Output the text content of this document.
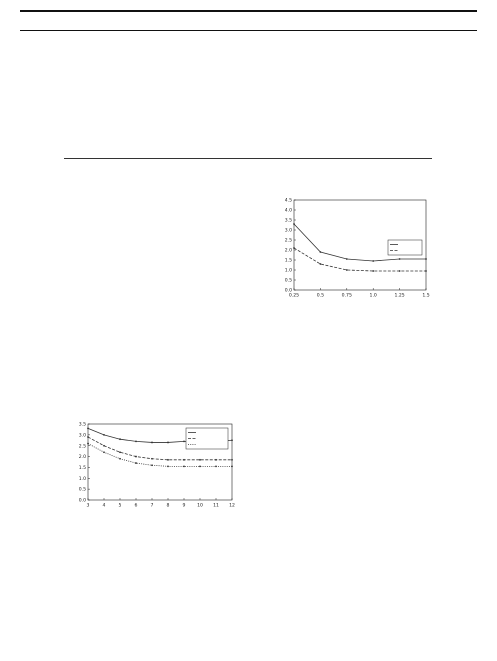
0.0
0.5
1.0
1.5
2.0
2.5
3.0
3.5
4.0
4.5
0.25	0.5	0.75	1.0	1.25	1.5
0.0
0.5
1.0
1.5
2.0
2.5
3.0
3.5
3	4	5	6	7	8	9	10 11 12
